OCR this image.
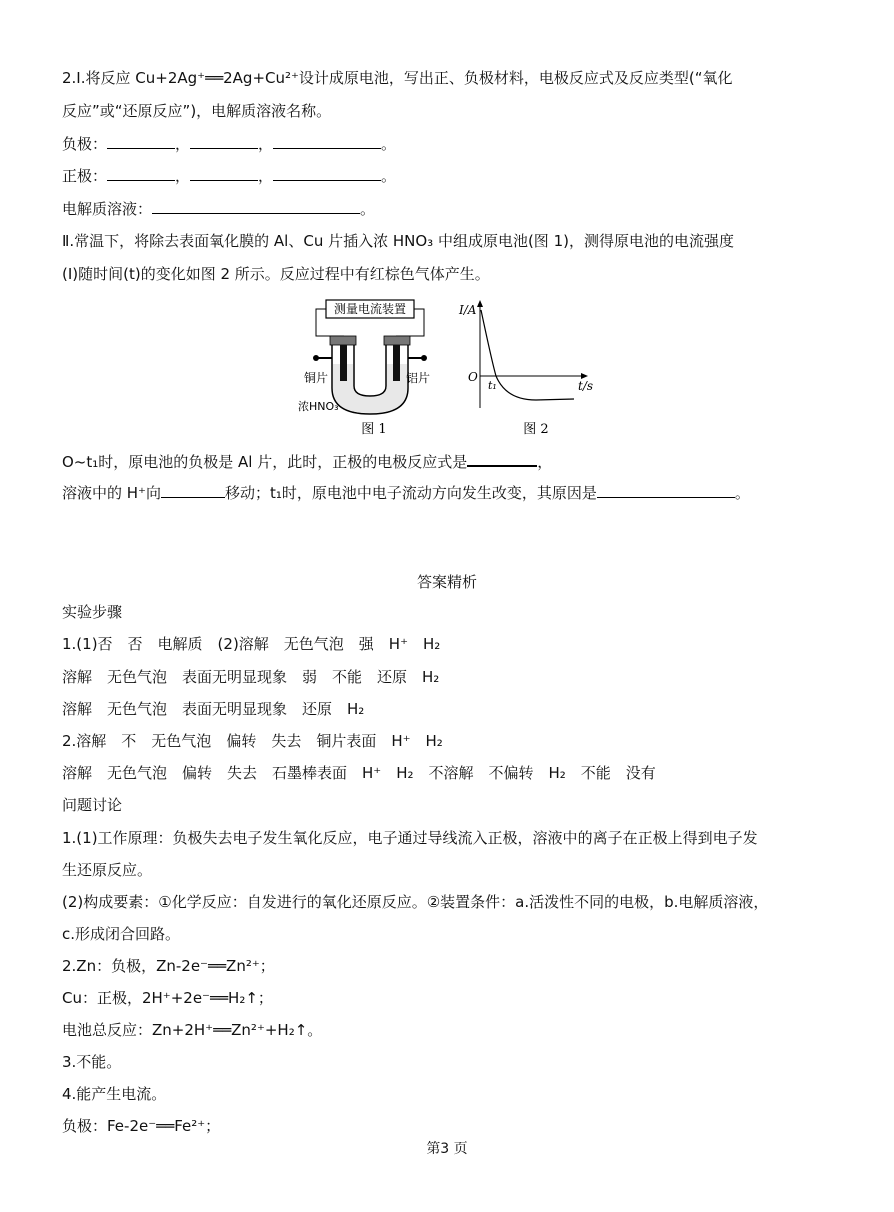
2.Ⅰ.将反应 Cu+2Ag⁺══2Ag+Cu²⁺设计成原电池，写出正、负极材料，电极反应式及反应类型(“氧化
反应”或“还原反应”)，电解质溶液名称。
负极：	，	，	。
正极：	，	，	。
电解质溶液：	。
Ⅱ.常温下，将除去表面氧化膜的 Al、Cu 片插入浓 HNO₃ 中组成原电池(图 1)，测得原电池的电流强度
(I)随时间(t)的变化如图 2 所示。反应过程中有红棕色气体产生。
测量电流装置
铜片	铝片
浓HNO₃
图 1
I/A
O
t/s
t₁
图 2
O~t₁时，原电池的负极是 Al 片，此时，正极的电极反应式是	，
溶液中的 H⁺向	移动；t₁时，原电池中电子流动方向发生改变，其原因是	。
答案精析
实验步骤
1.(1)否　否　电解质　(2)溶解　无色气泡　强　H⁺　H₂
溶解　无色气泡　表面无明显现象　弱　不能　还原　H₂
溶解　无色气泡　表面无明显现象　还原　H₂
2.溶解　不　无色气泡　偏转　失去　铜片表面　H⁺　H₂
溶解　无色气泡　偏转　失去　石墨棒表面　H⁺　H₂　不溶解　不偏转　H₂　不能　没有
问题讨论
1.(1)工作原理：负极失去电子发生氧化反应，电子通过导线流入正极，溶液中的离子在正极上得到电子发
生还原反应。
(2)构成要素：①化学反应：自发进行的氧化还原反应。②装置条件：a.活泼性不同的电极，b.电解质溶液，
c.形成闭合回路。
2.Zn：负极，Zn-2e⁻══Zn²⁺；
Cu：正极，2H⁺+2e⁻══H₂↑；
电池总反应：Zn+2H⁺══Zn²⁺+H₂↑。
3.不能。
4.能产生电流。
负极：Fe-2e⁻══Fe²⁺；
第3 页
